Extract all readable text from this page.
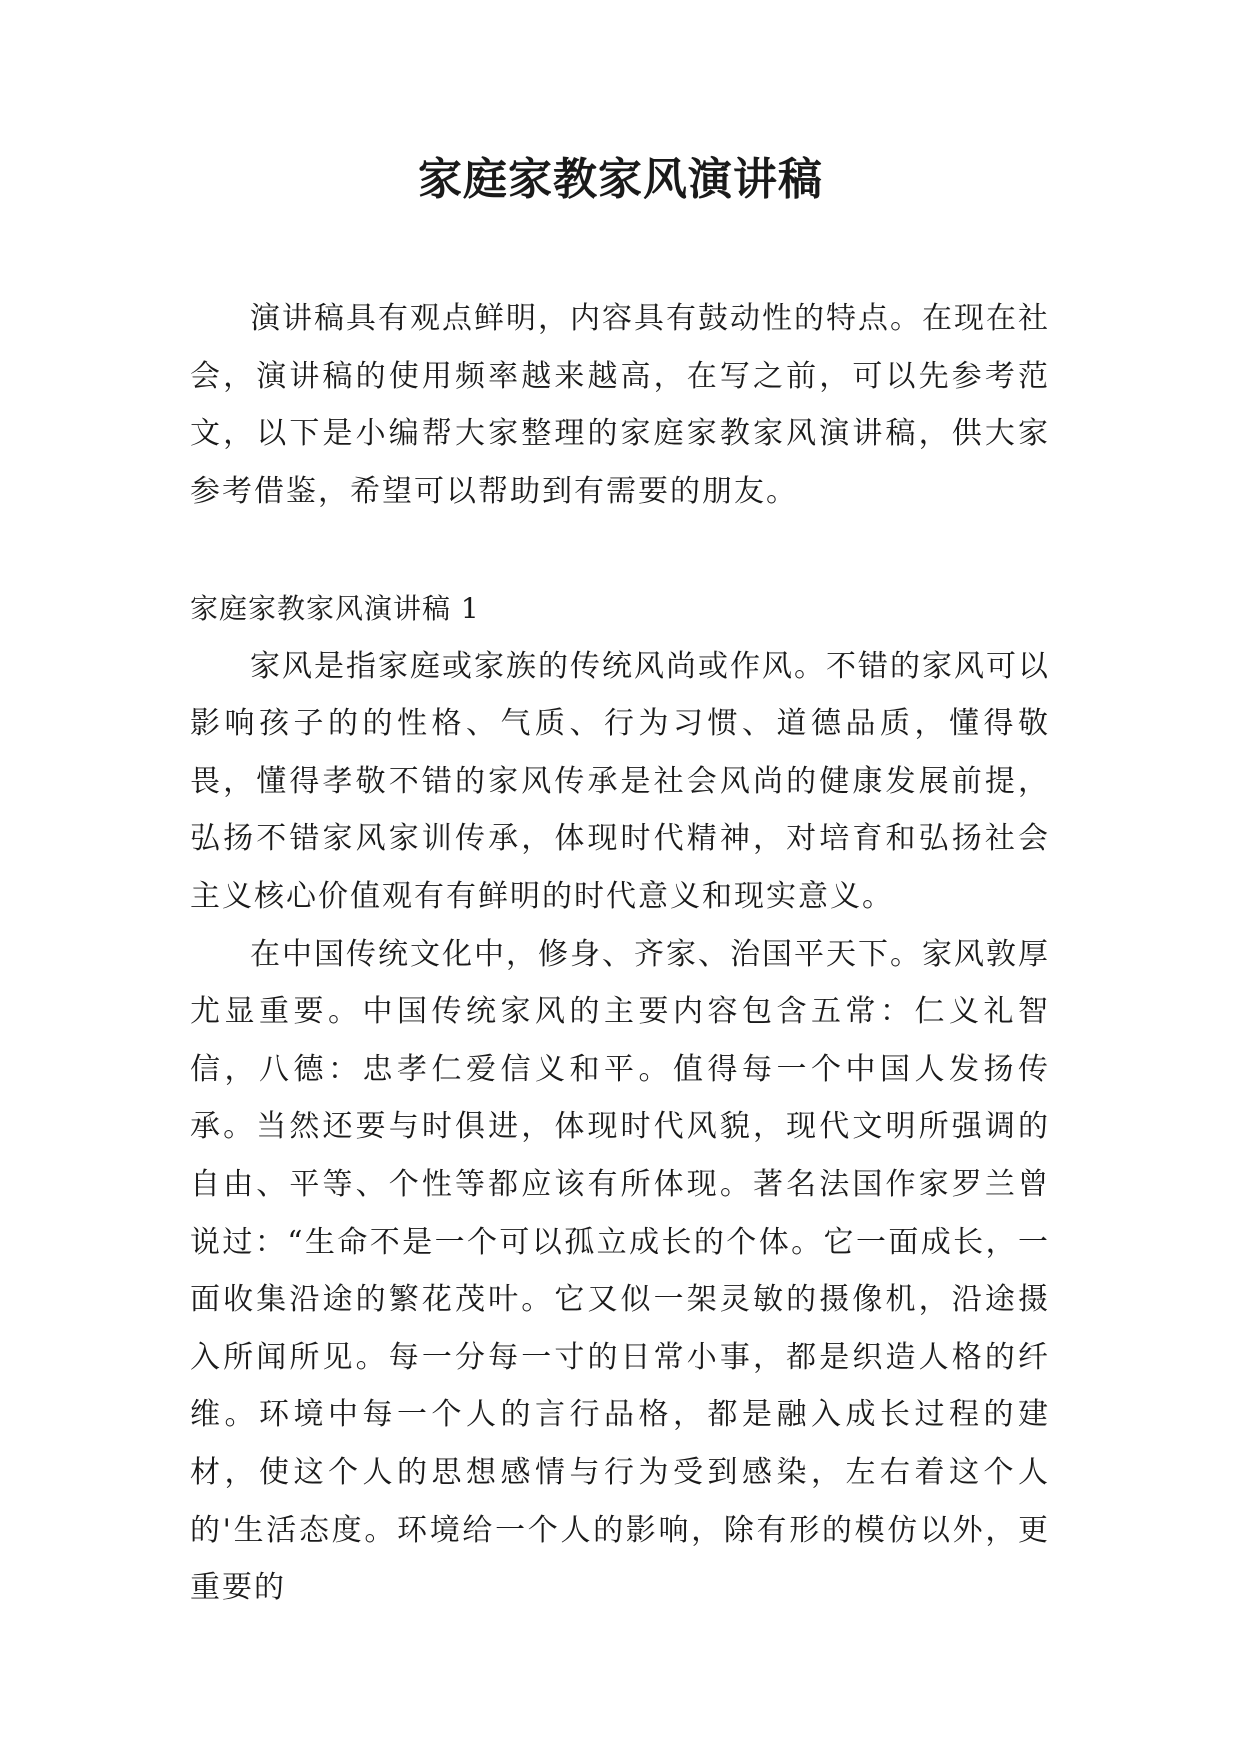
家庭家教家风演讲稿

演讲稿具有观点鲜明，内容具有鼓动性的特点。在现在社会，演讲稿的使用频率越来越高，在写之前，可以先参考范文，以下是小编帮大家整理的家庭家教家风演讲稿，供大家参考借鉴，希望可以帮助到有需要的朋友。

家庭家教家风演讲稿 1

家风是指家庭或家族的传统风尚或作风。不错的家风可以影响孩子的的性格、气质、行为习惯、道德品质，懂得敬畏，懂得孝敬不错的家风传承是社会风尚的健康发展前提，弘扬不错家风家训传承，体现时代精神，对培育和弘扬社会主义核心价值观有有鲜明的时代意义和现实意义。

在中国传统文化中，修身、齐家、治国平天下。家风敦厚尤显重要。中国传统家风的主要内容包含五常：仁义礼智信，八德：忠孝仁爱信义和平。值得每一个中国人发扬传承。当然还要与时俱进，体现时代风貌，现代文明所强调的自由、平等、个性等都应该有所体现。著名法国作家罗兰曾说过：“生命不是一个可以孤立成长的个体。它一面成长，一面收集沿途的繁花茂叶。它又似一架灵敏的摄像机，沿途摄入所闻所见。每一分每一寸的日常小事，都是织造人格的纤维。环境中每一个人的言行品格，都是融入成长过程的建材，使这个人的思想感情与行为受到感染，左右着这个人的'生活态度。环境给一个人的影响，除有形的模仿以外，更重要的
